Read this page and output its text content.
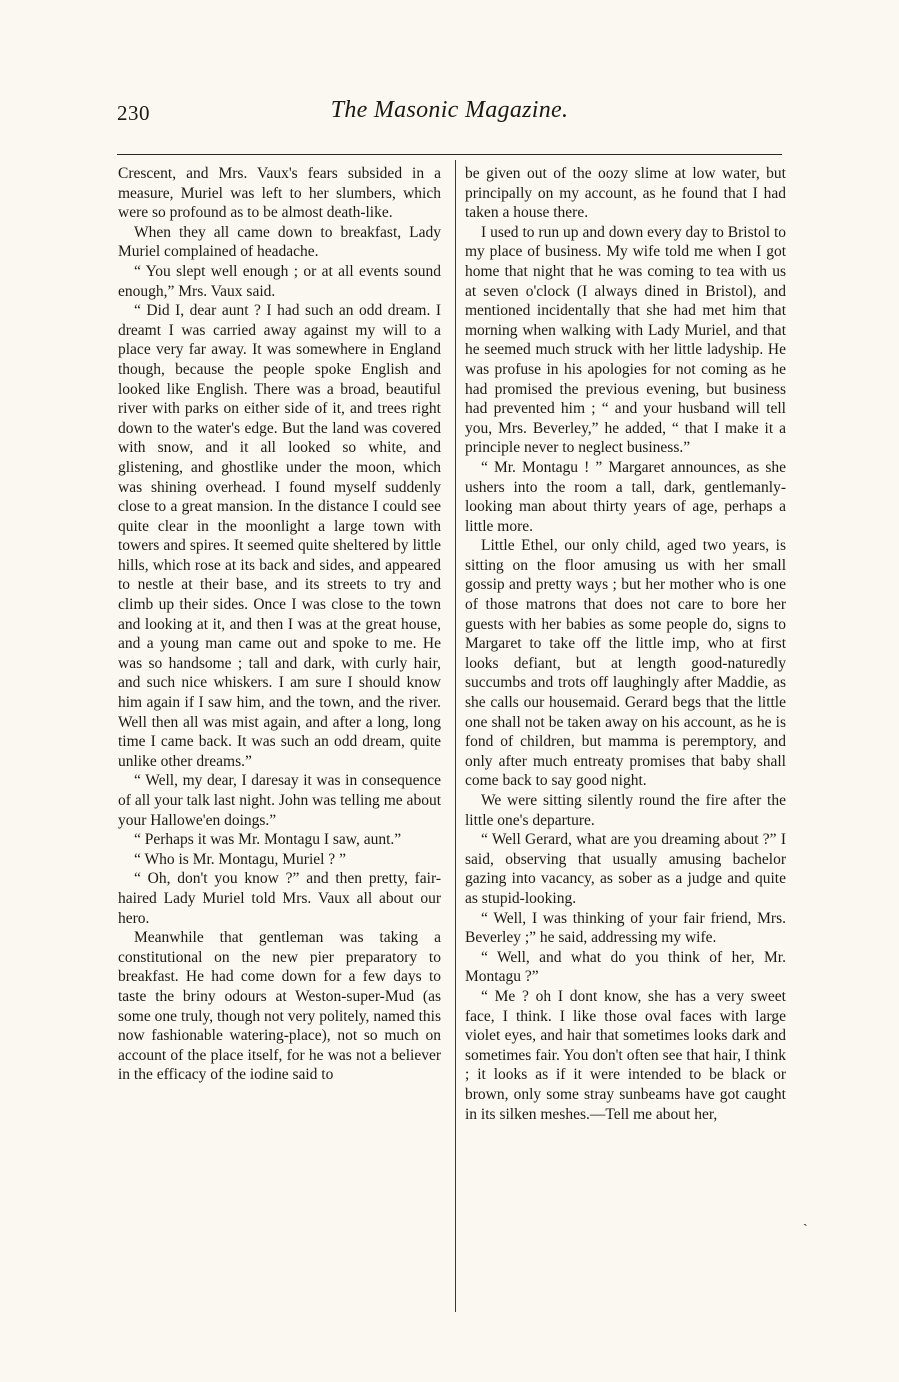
230	The Masonic Magazine.

Crescent, and Mrs. Vaux's fears subsided in a measure, Muriel was left to her slumbers, which were so profound as to be almost death-like.

When they all came down to breakfast, Lady Muriel complained of headache.

“ You slept well enough ; or at all events sound enough,” Mrs. Vaux said.

“ Did I, dear aunt ? I had such an odd dream. I dreamt I was carried away against my will to a place very far away. It was somewhere in England though, because the people spoke English and looked like English. There was a broad, beautiful river with parks on either side of it, and trees right down to the water's edge. But the land was covered with snow, and it all looked so white, and glistening, and ghostlike under the moon, which was shining overhead. I found myself suddenly close to a great mansion. In the distance I could see quite clear in the moonlight a large town with towers and spires. It seemed quite sheltered by little hills, which rose at its back and sides, and appeared to nestle at their base, and its streets to try and climb up their sides. Once I was close to the town and looking at it, and then I was at the great house, and a young man came out and spoke to me. He was so handsome ; tall and dark, with curly hair, and such nice whiskers. I am sure I should know him again if I saw him, and the town, and the river. Well then all was mist again, and after a long, long time I came back. It was such an odd dream, quite unlike other dreams.”

“ Well, my dear, I daresay it was in consequence of all your talk last night. John was telling me about your Hallowe'en doings.”

“ Perhaps it was Mr. Montagu I saw, aunt.”

“ Who is Mr. Montagu, Muriel ? ”

“ Oh, don't you know ?” and then pretty, fair-haired Lady Muriel told Mrs. Vaux all about our hero.

Meanwhile that gentleman was taking a constitutional on the new pier preparatory to breakfast. He had come down for a few days to taste the briny odours at Weston-super-Mud (as some one truly, though not very politely, named this now fashionable watering-place), not so much on account of the place itself, for he was not a believer in the efficacy of the iodine said to

be given out of the oozy slime at low water, but principally on my account, as he found that I had taken a house there.

I used to run up and down every day to Bristol to my place of business. My wife told me when I got home that night that he was coming to tea with us at seven o'clock (I always dined in Bristol), and mentioned incidentally that she had met him that morning when walking with Lady Muriel, and that he seemed much struck with her little ladyship. He was profuse in his apologies for not coming as he had promised the previous evening, but business had prevented him ; “ and your husband will tell you, Mrs. Beverley,” he added, “ that I make it a principle never to neglect business.”

“ Mr. Montagu ! ” Margaret announces, as she ushers into the room a tall, dark, gentlemanly-looking man about thirty years of age, perhaps a little more.

Little Ethel, our only child, aged two years, is sitting on the floor amusing us with her small gossip and pretty ways ; but her mother who is one of those matrons that does not care to bore her guests with her babies as some people do, signs to Margaret to take off the little imp, who at first looks defiant, but at length good-naturedly succumbs and trots off laughingly after Maddie, as she calls our housemaid. Gerard begs that the little one shall not be taken away on his account, as he is fond of children, but mamma is peremptory, and only after much entreaty promises that baby shall come back to say good night.

We were sitting silently round the fire after the little one's departure.

“ Well Gerard, what are you dreaming about ?” I said, observing that usually amusing bachelor gazing into vacancy, as sober as a judge and quite as stupid-looking.

“ Well, I was thinking of your fair friend, Mrs. Beverley ;” he said, addressing my wife.

“ Well, and what do you think of her, Mr. Montagu ?”

“ Me ? oh I dont know, she has a very sweet face, I think. I like those oval faces with large violet eyes, and hair that sometimes looks dark and sometimes fair. You don't often see that hair, I think ; it looks as if it were intended to be black or brown, only some stray sunbeams have got caught in its silken meshes.—Tell me about her,

ˎ
